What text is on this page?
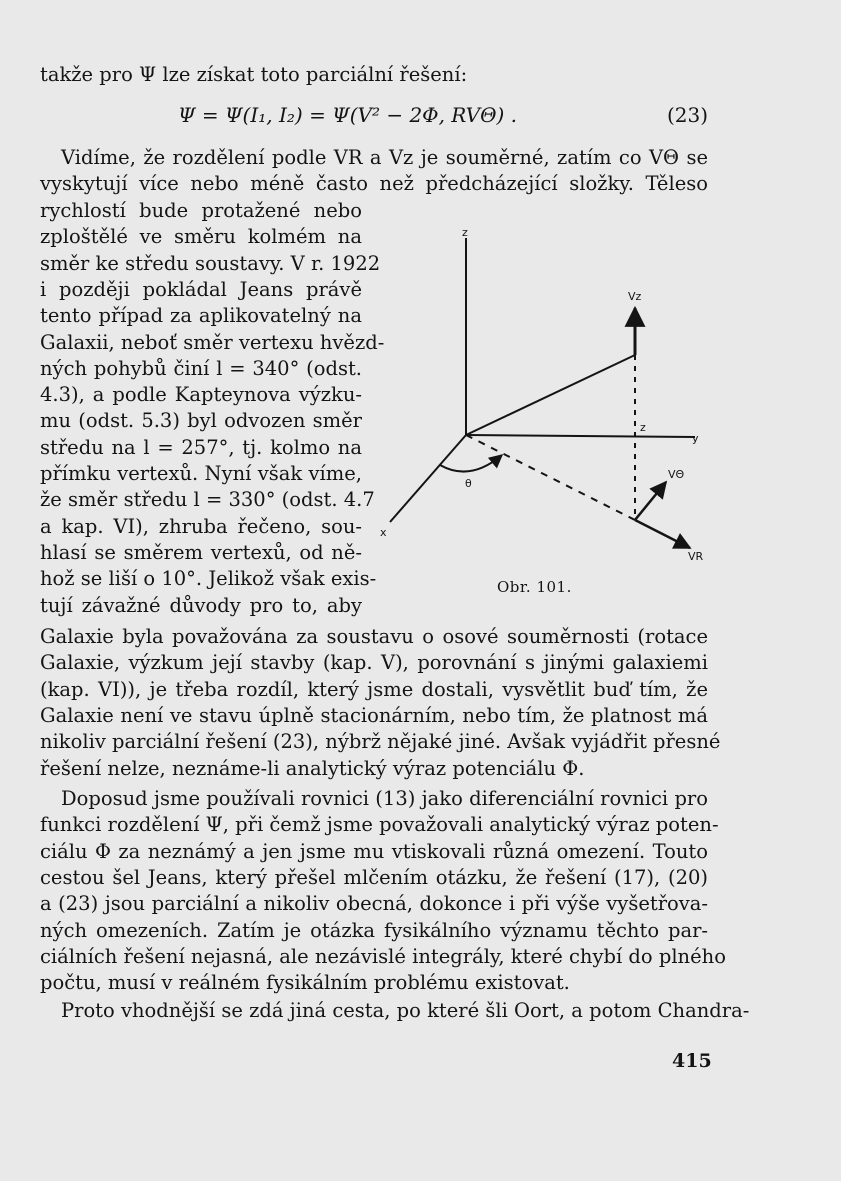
takže pro Ψ lze získat toto parciální řešení:
Ψ = Ψ(I₁, I₂) = Ψ(V² − 2Φ, RVΘ) .	(23)
Vidíme, že rozdělení podle VR a Vz je souměrné, zatím co VΘ se
vyskytují více nebo méně často než předcházející složky. Těleso
rychlostí bude protažené nebo
zploštělé ve směru kolmém na
směr ke středu soustavy. V r. 1922
i později pokládal Jeans právě
tento případ za aplikovatelný na
Galaxii, neboť směr vertexu hvězd-
ných pohybů činí l = 340° (odst.
4.3), a podle Kapteynova výzku-
mu (odst. 5.3) byl odvozen směr
středu na l = 257°, tj. kolmo na
přímku vertexů. Nyní však víme,
že směr středu l = 330° (odst. 4.7
a kap. VI), zhruba řečeno, sou-
hlasí se směrem vertexů, od ně-
hož se liší o 10°. Jelikož však exis-
tují závažné důvody pro to, aby
Galaxie byla považována za soustavu o osové souměrnosti (rotace
Galaxie, výzkum její stavby (kap. V), porovnání s jinými galaxiemi
(kap. VI)), je třeba rozdíl, který jsme dostali, vysvětlit buď tím, že
Galaxie není ve stavu úplně stacionárním, nebo tím, že platnost má
nikoliv parciální řešení (23), nýbrž nějaké jiné. Avšak vyjádřit přesné
řešení nelze, neznáme-li analytický výraz potenciálu Φ.
Doposud jsme používali rovnici (13) jako diferenciální rovnici pro
funkci rozdělení Ψ, při čemž jsme považovali analytický výraz poten-
ciálu Φ za neznámý a jen jsme mu vtiskovali různá omezení. Touto
cestou šel Jeans, který přešel mlčením otázku, že řešení (17), (20)
a (23) jsou parciální a nikoliv obecná, dokonce i při výše vyšetřova-
ných omezeních. Zatím je otázka fysikálního významu těchto par-
ciálních řešení nejasná, ale nezávislé integrály, které chybí do plného
počtu, musí v reálném fysikálním problému existovat.
Proto vhodnější se zdá jiná cesta, po které šli Oort, a potom Chandra-
z
y
x
θ
z
Vz
VΘ
VR
Obr. 101.
415
